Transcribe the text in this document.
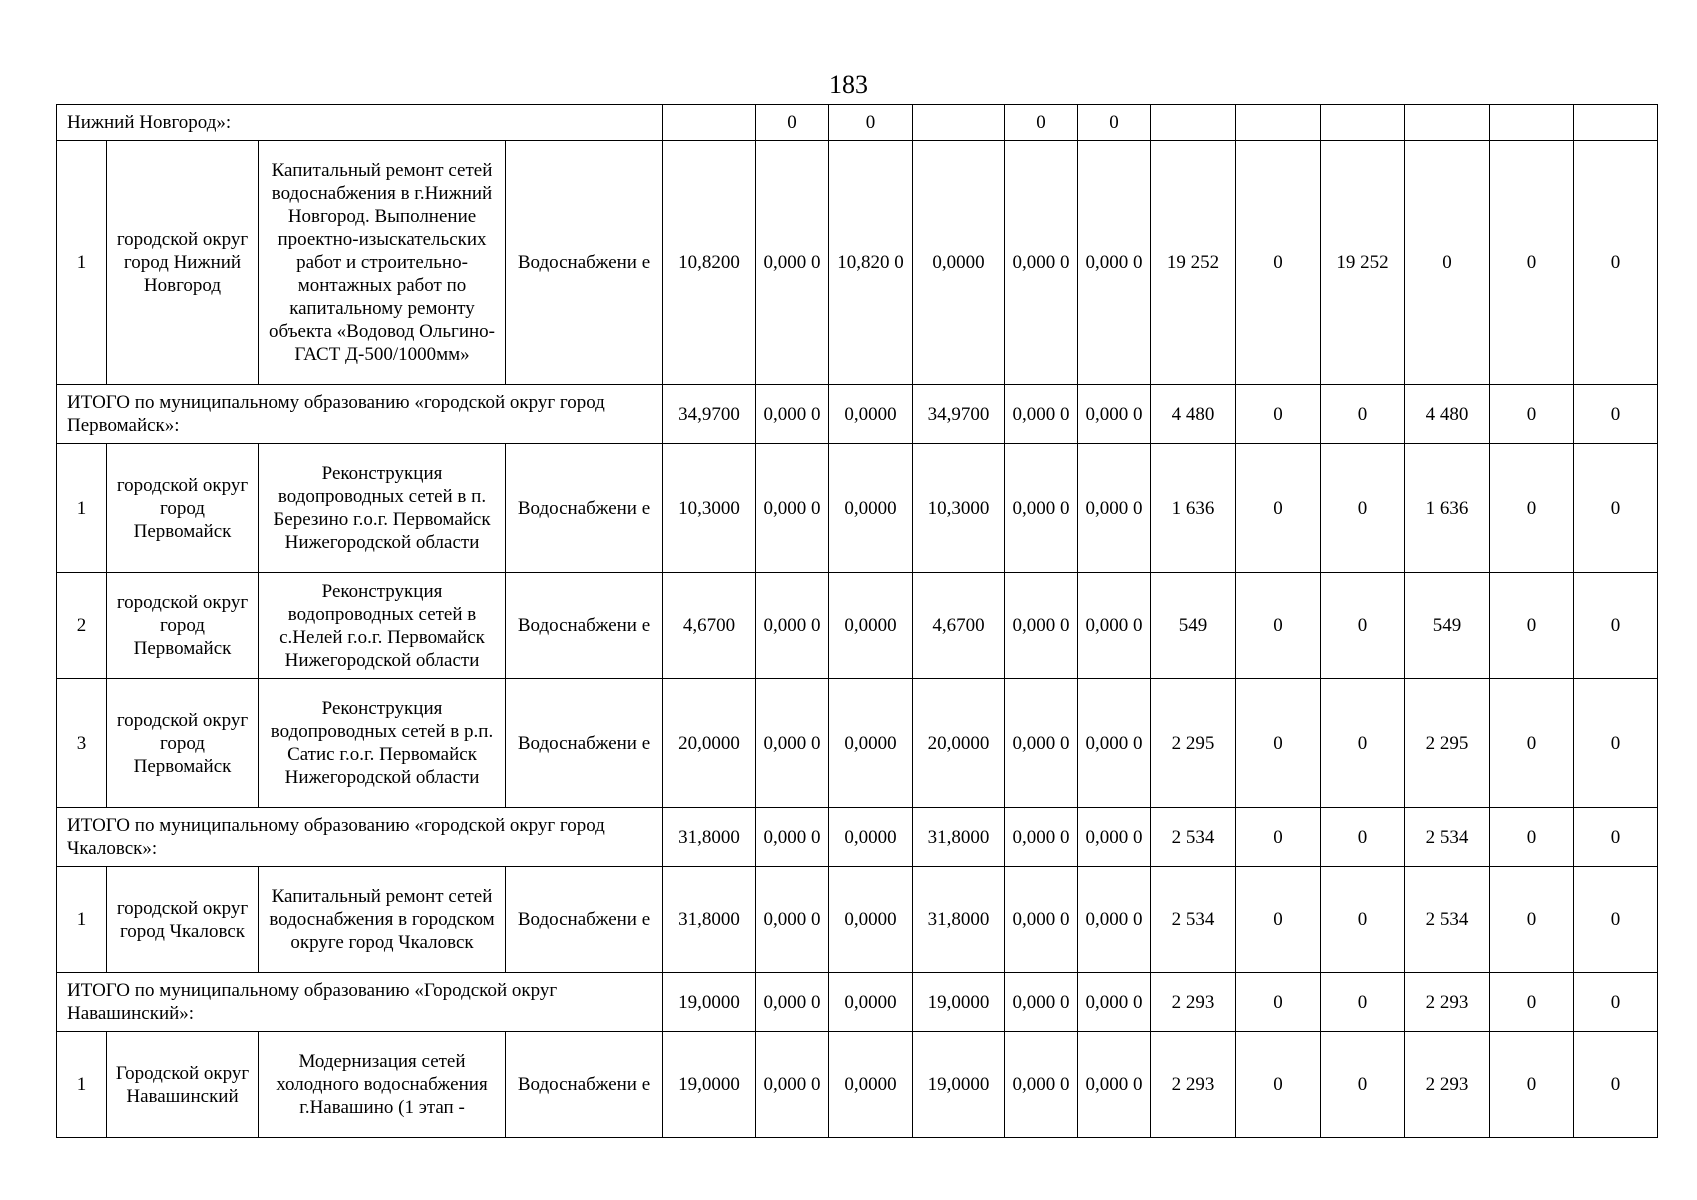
183
Нижний Новгород»:					0	0		0	0						
1	городской округ город Нижний Новгород	Капитальный ремонт сетей водоснабжения в г.Нижний Новгород. Выполнение проектно-изыскательских работ и строительно-монтажных работ по капитальному ремонту объекта «Водовод Ольгино-ГАСТ Д-500/1000мм»	Водоснабжени е	10,8200	0,000 0	10,820 0	0,0000	0,000 0	0,000 0	19 252	0	19 252	0	0	0
ИТОГО по муниципальному образованию «городской округ город Первомайск»:				34,9700	0,000 0	0,0000	34,9700	0,000 0	0,000 0	4 480	0	0	4 480	0	0
1	городской округ город Первомайск	Реконструкция водопроводных сетей в п. Березино г.о.г. Первомайск Нижегородской области	Водоснабжени е	10,3000	0,000 0	0,0000	10,3000	0,000 0	0,000 0	1 636	0	0	1 636	0	0
2	городской округ город Первомайск	Реконструкция водопроводных сетей в с.Нелей г.о.г. Первомайск Нижегородской области	Водоснабжени е	4,6700	0,000 0	0,0000	4,6700	0,000 0	0,000 0	549	0	0	549	0	0
3	городской округ город Первомайск	Реконструкция водопроводных сетей в р.п. Сатис г.о.г. Первомайск Нижегородской области	Водоснабжени е	20,0000	0,000 0	0,0000	20,0000	0,000 0	0,000 0	2 295	0	0	2 295	0	0
ИТОГО по муниципальному образованию «городской округ город Чкаловск»:				31,8000	0,000 0	0,0000	31,8000	0,000 0	0,000 0	2 534	0	0	2 534	0	0
1	городской округ город Чкаловск	Капитальный ремонт сетей водоснабжения в городском округе город Чкаловск	Водоснабжени е	31,8000	0,000 0	0,0000	31,8000	0,000 0	0,000 0	2 534	0	0	2 534	0	0
ИТОГО по муниципальному образованию «Городской округ Навашинский»:				19,0000	0,000 0	0,0000	19,0000	0,000 0	0,000 0	2 293	0	0	2 293	0	0
1	Городской округ Навашинский	Модернизация сетей холодного водоснабжения г.Навашино (1 этап -	Водоснабжени е	19,0000	0,000 0	0,0000	19,0000	0,000 0	0,000 0	2 293	0	0	2 293	0	0
